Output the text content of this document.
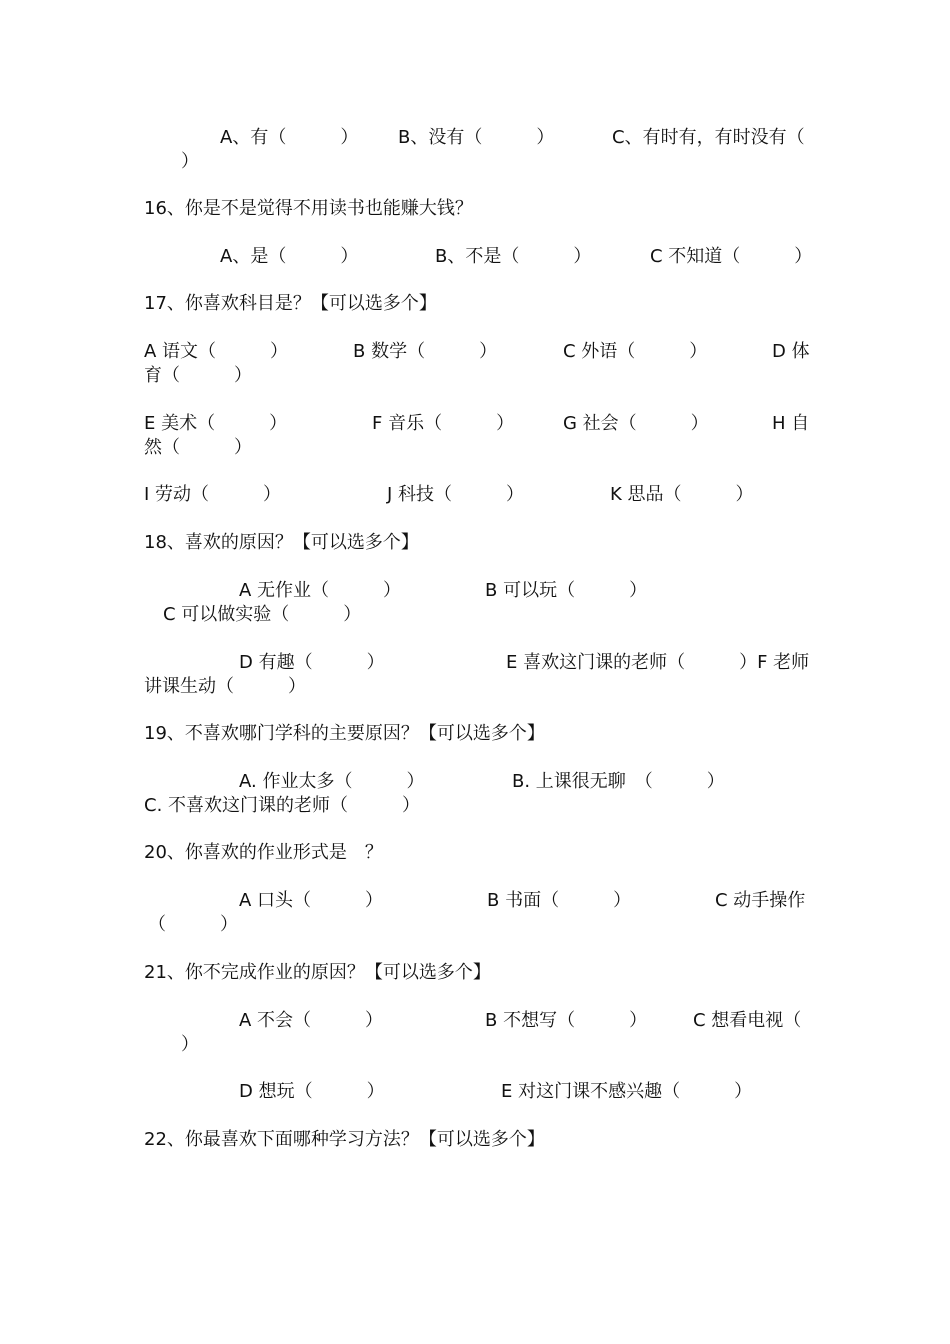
A、有（　　　） B、没有（　　　）	C、有时有，有时没有（
）
16、你是不是觉得不用读书也能赚大钱？
A、是（　　　）	B、不是（　　　）	C 不知道（　　　）
17、你喜欢科目是？【可以选多个】
A 语文（　　　）	B 数学（　　　）	C 外语（　　　）	D 体
育（　　　）
E 美术（　　　）	F 音乐（　　　）	G 社会（　　　）	H 自
然（　　　）
I 劳动（　　　）	J 科技（　　　）	K 思品（　　　）
18、喜欢的原因？【可以选多个】
A 无作业（　　　）	B 可以玩（　　　）
C 可以做实验（　　　）
D 有趣（　　　）	E 喜欢这门课的老师（　　　）F 老师
讲课生动（　　　）
19、不喜欢哪门学科的主要原因？【可以选多个】
A. 作业太多（　　　）	B. 上课很无聊　（　　　）
C. 不喜欢这门课的老师（　　　）
20、你喜欢的作业形式是　？
A 口头（　　　）	B 书面（　　　）	C 动手操作
（　　　）
21、你不完成作业的原因？【可以选多个】
A 不会（　　　）	B 不想写（　　　）	C 想看电视（
）
D 想玩（　　　）	E 对这门课不感兴趣（　　　）
22、你最喜欢下面哪种学习方法？【可以选多个】
